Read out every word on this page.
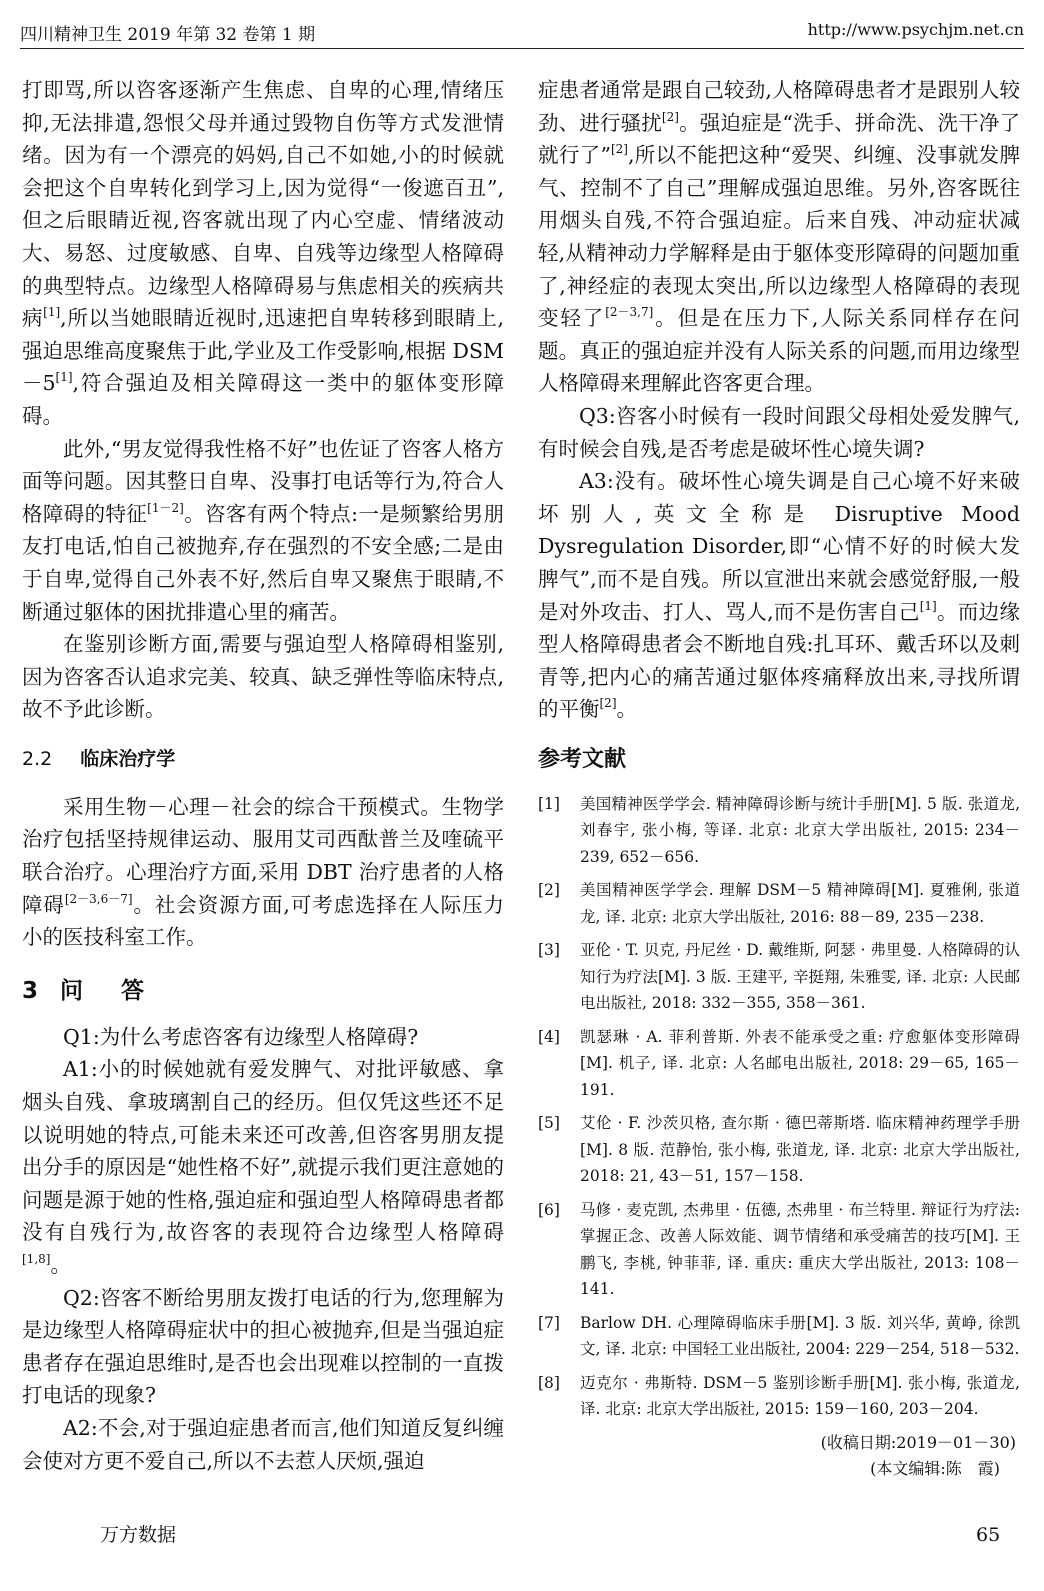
四川精神卫生 2019 年第 32 卷第 1 期	http://www.psychjm.net.cn

打即骂,所以咨客逐渐产生焦虑、自卑的心理,情绪压抑,无法排遣,怨恨父母并通过毁物自伤等方式发泄情绪。因为有一个漂亮的妈妈,自己不如她,小的时候就会把这个自卑转化到学习上,因为觉得“一俊遮百丑”,但之后眼睛近视,咨客就出现了内心空虚、情绪波动大、易怒、过度敏感、自卑、自残等边缘型人格障碍的典型特点。边缘型人格障碍易与焦虑相关的疾病共病[1],所以当她眼睛近视时,迅速把自卑转移到眼睛上,强迫思维高度聚焦于此,学业及工作受影响,根据 DSM－5[1],符合强迫及相关障碍这一类中的躯体变形障碍。

此外,“男友觉得我性格不好”也佐证了咨客人格方面等问题。因其整日自卑、没事打电话等行为,符合人格障碍的特征[1－2]。咨客有两个特点:一是频繁给男朋友打电话,怕自己被抛弃,存在强烈的不安全感;二是由于自卑,觉得自己外表不好,然后自卑又聚焦于眼睛,不断通过躯体的困扰排遣心里的痛苦。

在鉴别诊断方面,需要与强迫型人格障碍相鉴别,因为咨客否认追求完美、较真、缺乏弹性等临床特点,故不予此诊断。

2.2 临床治疗学

采用生物－心理－社会的综合干预模式。生物学治疗包括坚持规律运动、服用艾司西酞普兰及喹硫平联合治疗。心理治疗方面,采用 DBT 治疗患者的人格障碍[2－3,6－7]。社会资源方面,可考虑选择在人际压力小的医技科室工作。

3 问答

Q1:为什么考虑咨客有边缘型人格障碍?

A1:小的时候她就有爱发脾气、对批评敏感、拿烟头自残、拿玻璃割自己的经历。但仅凭这些还不足以说明她的特点,可能未来还可改善,但咨客男朋友提出分手的原因是“她性格不好”,就提示我们更注意她的问题是源于她的性格,强迫症和强迫型人格障碍患者都没有自残行为,故咨客的表现符合边缘型人格障碍[1,8]。

Q2:咨客不断给男朋友拨打电话的行为,您理解为是边缘型人格障碍症状中的担心被抛弃,但是当强迫症患者存在强迫思维时,是否也会出现难以控制的一直拨打电话的现象?

A2:不会,对于强迫症患者而言,他们知道反复纠缠会使对方更不爱自己,所以不去惹人厌烦,强迫

症患者通常是跟自己较劲,人格障碍患者才是跟别人较劲、进行骚扰[2]。强迫症是“洗手、拼命洗、洗干净了就行了”[2],所以不能把这种“爱哭、纠缠、没事就发脾气、控制不了自己”理解成强迫思维。另外,咨客既往用烟头自残,不符合强迫症。后来自残、冲动症状减轻,从精神动力学解释是由于躯体变形障碍的问题加重了,神经症的表现太突出,所以边缘型人格障碍的表现变轻了[2－3,7]。但是在压力下,人际关系同样存在问题。真正的强迫症并没有人际关系的问题,而用边缘型人格障碍来理解此咨客更合理。

Q3:咨客小时候有一段时间跟父母相处爱发脾气,有时候会自残,是否考虑是破坏性心境失调?

A3:没有。破坏性心境失调是自己心境不好来破坏别人,英文全称是 Disruptive Mood Dysregulation Disorder,即“心情不好的时候大发脾气”,而不是自残。所以宣泄出来就会感觉舒服,一般是对外攻击、打人、骂人,而不是伤害自己[1]。而边缘型人格障碍患者会不断地自残:扎耳环、戴舌环以及刺青等,把内心的痛苦通过躯体疼痛释放出来,寻找所谓的平衡[2]。

参考文献
[1] 美国精神医学学会. 精神障碍诊断与统计手册[M]. 5 版. 张道龙, 刘春宇, 张小梅, 等译. 北京: 北京大学出版社, 2015: 234－239, 652－656.
[2] 美国精神医学学会. 理解 DSM－5 精神障碍[M]. 夏雅俐, 张道龙, 译. 北京: 北京大学出版社, 2016: 88－89, 235－238.
[3] 亚伦 · T. 贝克, 丹尼丝 · D. 戴维斯, 阿瑟 · 弗里曼. 人格障碍的认知行为疗法[M]. 3 版. 王建平, 辛挺翔, 朱雅雯, 译. 北京: 人民邮电出版社, 2018: 332－355, 358－361.
[4] 凯瑟琳 · A. 菲利普斯. 外表不能承受之重: 疗愈躯体变形障碍[M]. 机子, 译. 北京: 人名邮电出版社, 2018: 29－65, 165－191.
[5] 艾伦 · F. 沙茨贝格, 查尔斯 · 德巴蒂斯塔. 临床精神药理学手册[M]. 8 版. 范静怡, 张小梅, 张道龙, 译. 北京: 北京大学出版社, 2018: 21, 43－51, 157－158.
[6] 马修 · 麦克凯, 杰弗里 · 伍德, 杰弗里 · 布兰特里. 辩证行为疗法: 掌握正念、改善人际效能、调节情绪和承受痛苦的技巧[M]. 王鹏飞, 李桃, 钟菲菲, 译. 重庆: 重庆大学出版社, 2013: 108－141.
[7] Barlow DH. 心理障碍临床手册[M]. 3 版. 刘兴华, 黄峥, 徐凯文, 译. 北京: 中国轻工业出版社, 2004: 229－254, 518－532.
[8] 迈克尔 · 弗斯特. DSM－5 鉴别诊断手册[M]. 张小梅, 张道龙, 译. 北京: 北京大学出版社, 2015: 159－160, 203－204.
(收稿日期:2019－01－30)
(本文编辑:陈　霞)
万方数据	65
